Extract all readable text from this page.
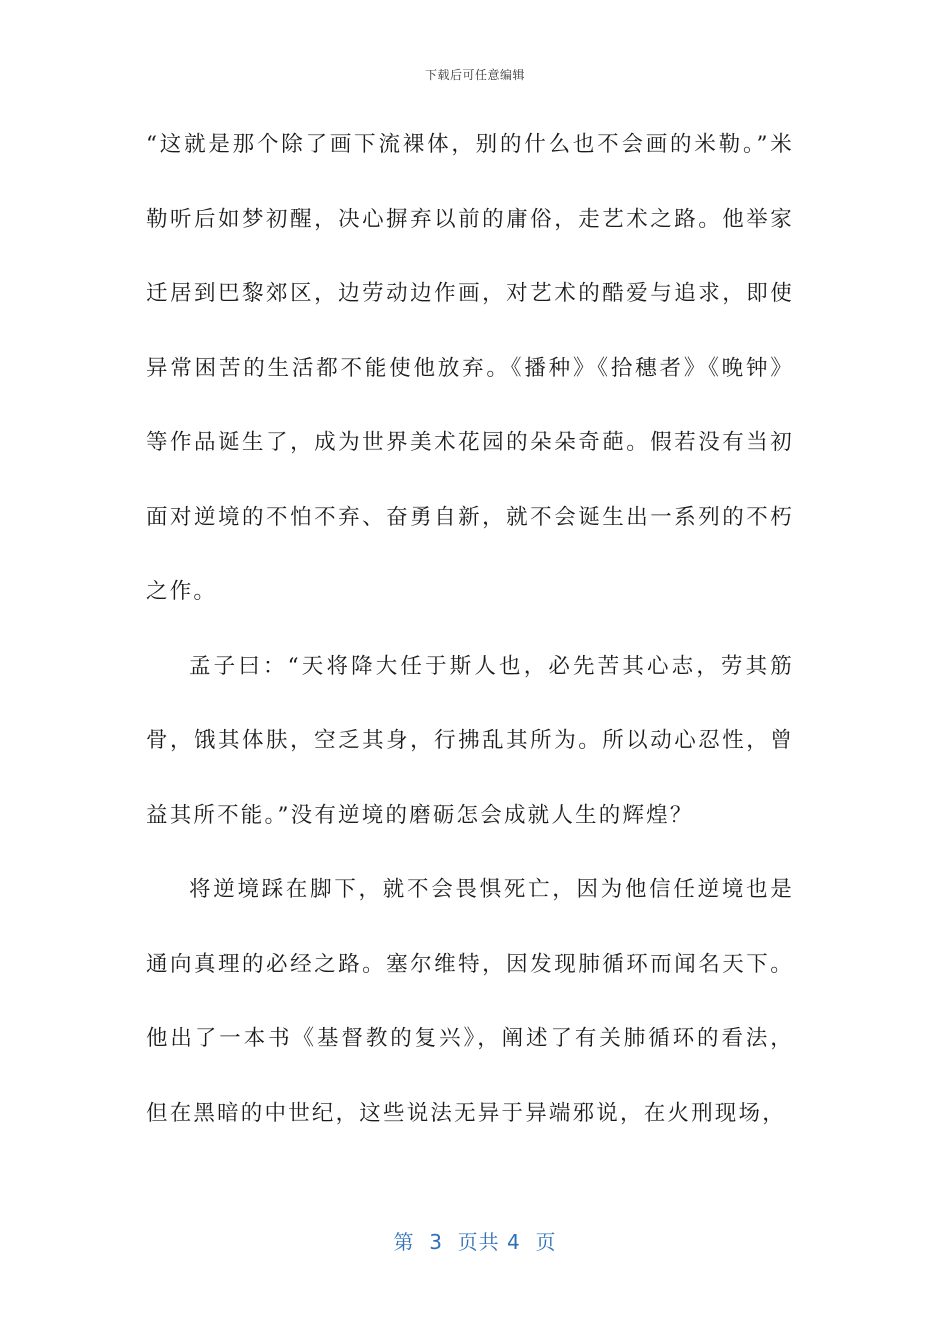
下载后可任意编辑

“这就是那个除了画下流裸体，别的什么也不会画的米勒。”米勒听后如梦初醒，决心摒弃以前的庸俗，走艺术之路。他举家迁居到巴黎郊区，边劳动边作画，对艺术的酷爱与追求，即使异常困苦的生活都不能使他放弃。《播种》《拾穗者》《晚钟》等作品诞生了，成为世界美术花园的朵朵奇葩。假若没有当初面对逆境的不怕不弃、奋勇自新，就不会诞生出一系列的不朽之作。

孟子曰：“天将降大任于斯人也，必先苦其心志，劳其筋骨，饿其体肤，空乏其身，行拂乱其所为。所以动心忍性，曾益其所不能。”没有逆境的磨砺怎会成就人生的辉煌？

将逆境踩在脚下，就不会畏惧死亡，因为他信任逆境也是通向真理的必经之路。塞尔维特，因发现肺循环而闻名天下。他出了一本书《基督教的复兴》，阐述了有关肺循环的看法，但在黑暗的中世纪，这些说法无异于异端邪说，在火刑现场，

第  3  页共 4  页
